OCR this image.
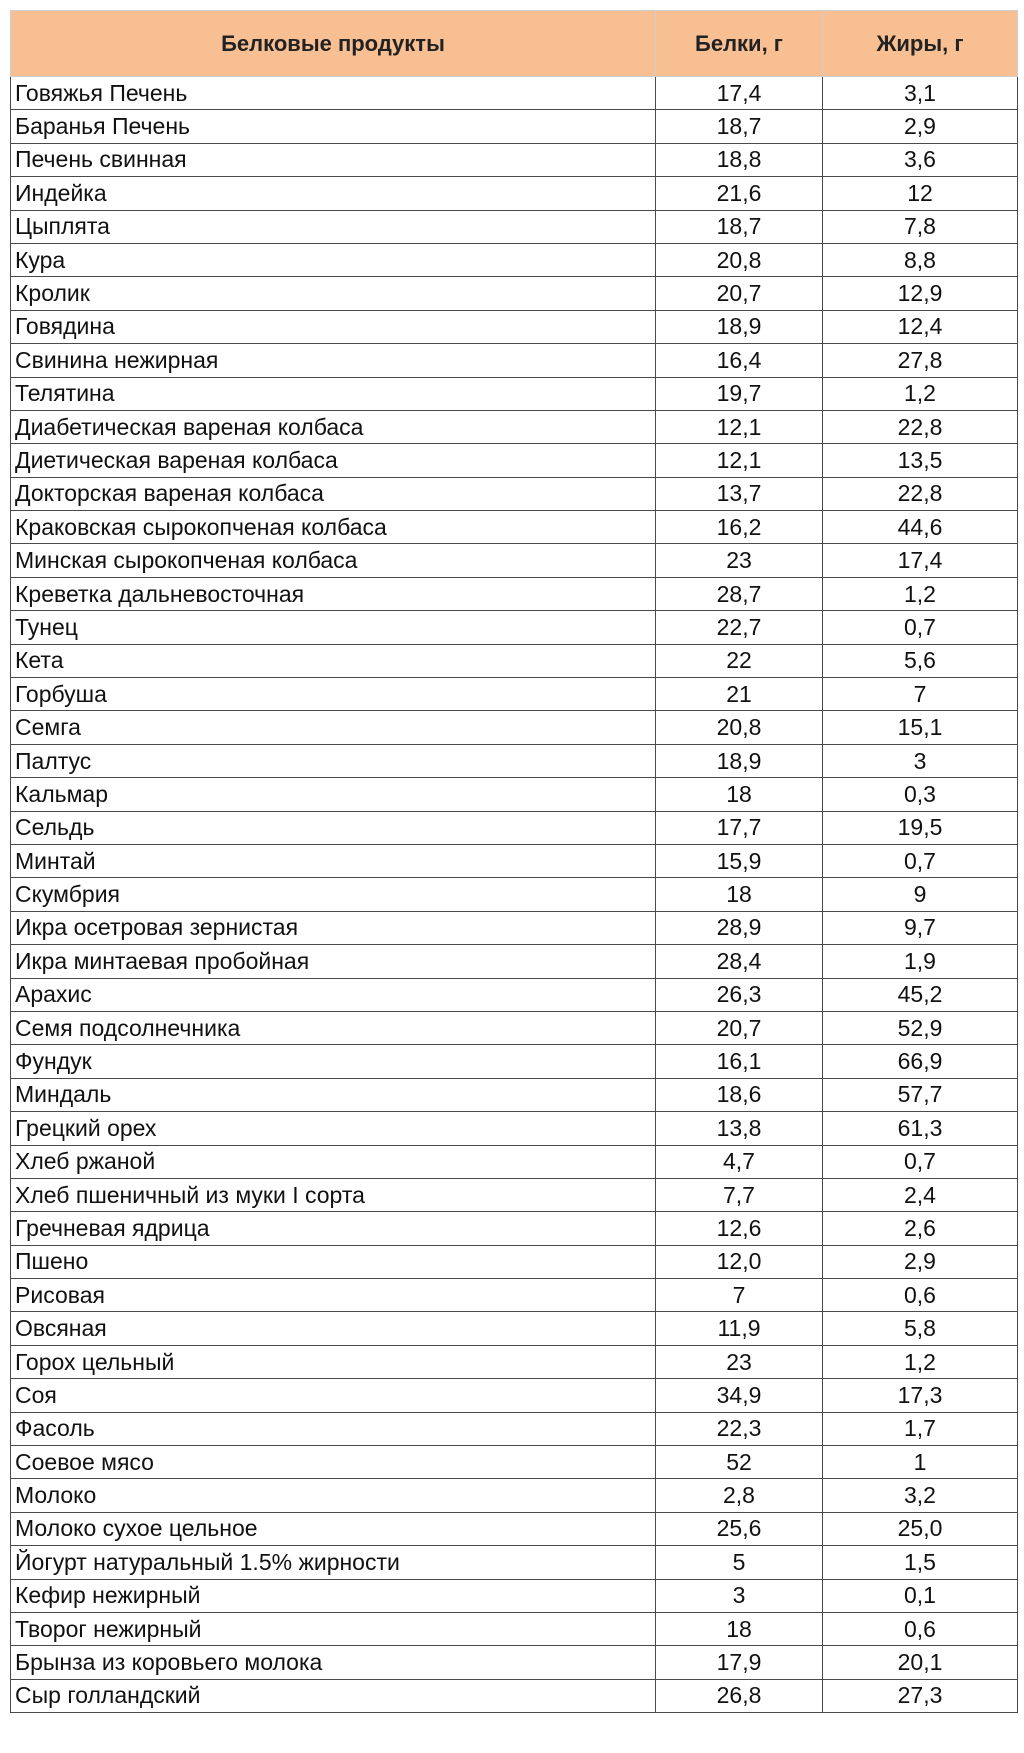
Белковые продукты	Белки, г	Жиры, г
Говяжья Печень	17,4	3,1
Баранья Печень	18,7	2,9
Печень свинная	18,8	3,6
Индейка	21,6	12
Цыплята	18,7	7,8
Кура	20,8	8,8
Кролик	20,7	12,9
Говядина	18,9	12,4
Свинина нежирная	16,4	27,8
Телятина	19,7	1,2
Диабетическая вареная колбаса	12,1	22,8
Диетическая вареная колбаса	12,1	13,5
Докторская вареная колбаса	13,7	22,8
Краковская сырокопченая колбаса	16,2	44,6
Минская сырокопченая колбаса	23	17,4
Креветка дальневосточная	28,7	1,2
Тунец	22,7	0,7
Кета	22	5,6
Горбуша	21	7
Семга	20,8	15,1
Палтус	18,9	3
Кальмар	18	0,3
Сельдь	17,7	19,5
Минтай	15,9	0,7
Скумбрия	18	9
Икра осетровая зернистая	28,9	9,7
Икра минтаевая пробойная	28,4	1,9
Арахис	26,3	45,2
Семя подсолнечника	20,7	52,9
Фундук	16,1	66,9
Миндаль	18,6	57,7
Грецкий орех	13,8	61,3
Хлеб ржаной	4,7	0,7
Хлеб пшеничный из муки I сорта	7,7	2,4
Гречневая ядрица	12,6	2,6
Пшено	12,0	2,9
Рисовая	7	0,6
Овсяная	11,9	5,8
Горох цельный	23	1,2
Соя	34,9	17,3
Фасоль	22,3	1,7
Соевое мясо	52	1
Молоко	2,8	3,2
Молоко сухое цельное	25,6	25,0
Йогурт натуральный 1.5% жирности	5	1,5
Кефир нежирный	3	0,1
Творог нежирный	18	0,6
Брынза из коровьего молока	17,9	20,1
Сыр голландский	26,8	27,3
